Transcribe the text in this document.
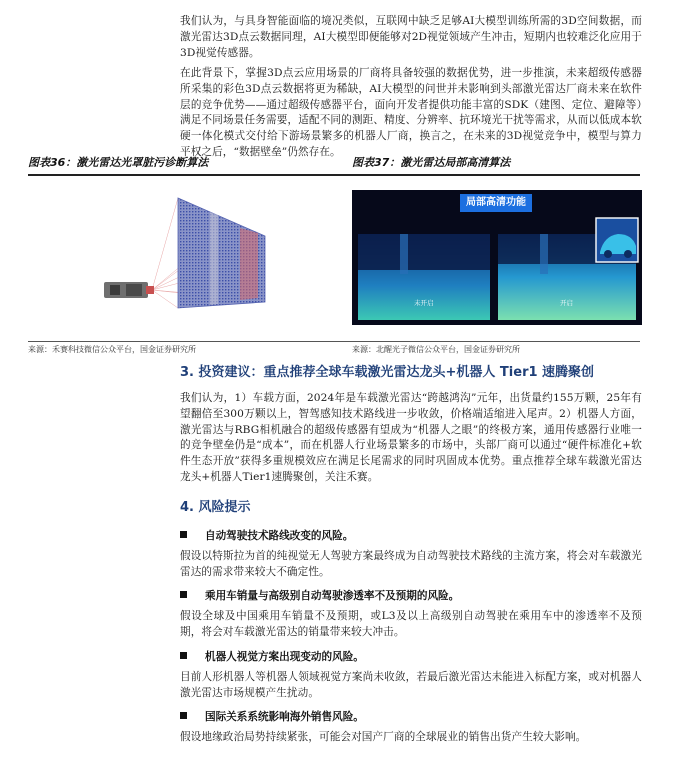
我们认为，与具身智能面临的境况类似，互联网中缺乏足够AI大模型训练所需的3D空间数据，而激光雷达3D点云数据同理，AI大模型即便能够对2D视觉领域产生冲击，短期内也较难泛化应用于3D视觉传感器。

在此背景下，掌握3D点云应用场景的厂商将具备较强的数据优势，进一步推演，未来超级传感器所采集的彩色3D点云数据将更为稀缺，AI大模型的问世并未影响到头部激光雷达厂商未来在软件层的竞争优势——通过超级传感器平台，面向开发者提供功能丰富的SDK（建图、定位、避障等）满足不同场景任务需要，适配不同的测距、精度、分辨率、抗环境光干扰等需求，从而以低成本软硬一体化模式交付给下游场景繁多的机器人厂商，换言之，在未来的3D视觉竞争中，模型与算力平权之后，“数据壁垒”仍然存在。

图表36：激光雷达光罩脏污诊断算法	图表37：激光雷达局部高清算法
局部高清功能
未开启	开启
来源：禾赛科技微信公众平台，国金证券研究所	来源：北醒光子微信公众平台，国金证券研究所
3. 投资建议：重点推荐全球车载激光雷达龙头+机器人 Tier1 速腾聚创

我们认为，1）车载方面，2024年是车载激光雷达“跨越鸿沟”元年，出货量约155万颗，25年有望翻倍至300万颗以上，智驾感知技术路线进一步收敛，价格端适缩进入尾声。2）机器人方面，激光雷达与RBG相机融合的超级传感器有望成为“机器人之眼”的终极方案，通用传感器行业唯一的竞争壁垒仍是“成本”，而在机器人行业场景繁多的市场中，头部厂商可以通过“硬件标准化+软件生态开放”获得多重规模效应在满足长尾需求的同时巩固成本优势。重点推荐全球车载激光雷达龙头+机器人Tier1速腾聚创，关注禾赛。

4. 风险提示
自动驾驶技术路线改变的风险。

假设以特斯拉为首的纯视觉无人驾驶方案最终成为自动驾驶技术路线的主流方案，将会对车载激光雷达的需求带来较大不确定性。

乘用车销量与高级别自动驾驶渗透率不及预期的风险。

假设全球及中国乘用车销量不及预期，或L3及以上高级别自动驾驶在乘用车中的渗透率不及预期，将会对车载激光雷达的销量带来较大冲击。

机器人视觉方案出现变动的风险。

目前人形机器人等机器人领域视觉方案尚未收敛，若最后激光雷达未能进入标配方案，或对机器人激光雷达市场规模产生扰动。

国际关系系统影响海外销售风险。

假设地缘政治局势持续紧张，可能会对国产厂商的全球展业的销售出货产生较大影响。
